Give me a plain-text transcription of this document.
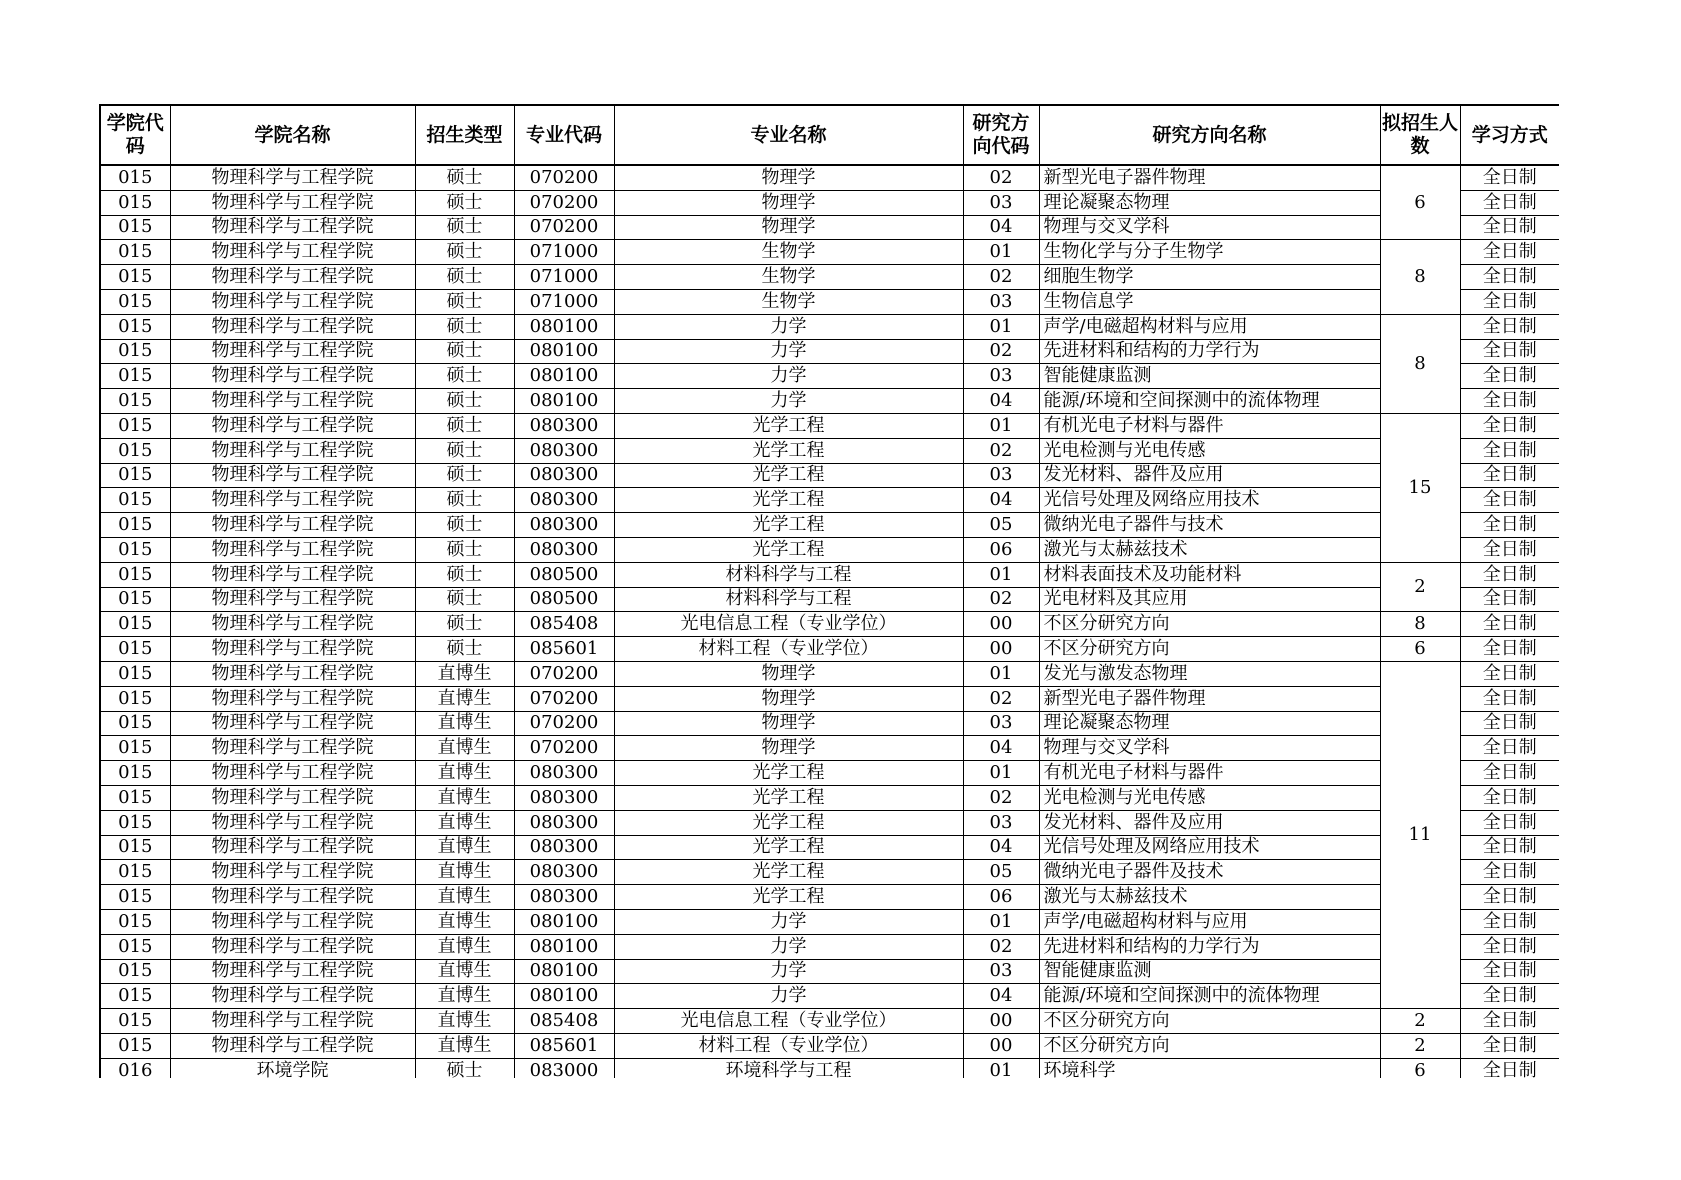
学院代码	学院名称	招生类型	专业代码	专业名称	研究方向代码	研究方向名称	拟招生人数	学习方式
015	物理科学与工程学院	硕士	070200	物理学	02	新型光电子器件物理	6	全日制
015	物理科学与工程学院	硕士	070200	物理学	03	理论凝聚态物理		全日制
015	物理科学与工程学院	硕士	070200	物理学	04	物理与交叉学科		全日制
015	物理科学与工程学院	硕士	071000	生物学	01	生物化学与分子生物学	8	全日制
015	物理科学与工程学院	硕士	071000	生物学	02	细胞生物学		全日制
015	物理科学与工程学院	硕士	071000	生物学	03	生物信息学		全日制
015	物理科学与工程学院	硕士	080100	力学	01	声学/电磁超构材料与应用	8	全日制
015	物理科学与工程学院	硕士	080100	力学	02	先进材料和结构的力学行为		全日制
015	物理科学与工程学院	硕士	080100	力学	03	智能健康监测		全日制
015	物理科学与工程学院	硕士	080100	力学	04	能源/环境和空间探测中的流体物理		全日制
015	物理科学与工程学院	硕士	080300	光学工程	01	有机光电子材料与器件	15	全日制
015	物理科学与工程学院	硕士	080300	光学工程	02	光电检测与光电传感		全日制
015	物理科学与工程学院	硕士	080300	光学工程	03	发光材料、器件及应用		全日制
015	物理科学与工程学院	硕士	080300	光学工程	04	光信号处理及网络应用技术		全日制
015	物理科学与工程学院	硕士	080300	光学工程	05	微纳光电子器件与技术		全日制
015	物理科学与工程学院	硕士	080300	光学工程	06	激光与太赫兹技术		全日制
015	物理科学与工程学院	硕士	080500	材料科学与工程	01	材料表面技术及功能材料	2	全日制
015	物理科学与工程学院	硕士	080500	材料科学与工程	02	光电材料及其应用		全日制
015	物理科学与工程学院	硕士	085408	光电信息工程（专业学位）	00	不区分研究方向	8	全日制
015	物理科学与工程学院	硕士	085601	材料工程（专业学位）	00	不区分研究方向	6	全日制
015	物理科学与工程学院	直博生	070200	物理学	01	发光与激发态物理	11	全日制
015	物理科学与工程学院	直博生	070200	物理学	02	新型光电子器件物理		全日制
015	物理科学与工程学院	直博生	070200	物理学	03	理论凝聚态物理		全日制
015	物理科学与工程学院	直博生	070200	物理学	04	物理与交叉学科		全日制
015	物理科学与工程学院	直博生	080300	光学工程	01	有机光电子材料与器件		全日制
015	物理科学与工程学院	直博生	080300	光学工程	02	光电检测与光电传感		全日制
015	物理科学与工程学院	直博生	080300	光学工程	03	发光材料、器件及应用		全日制
015	物理科学与工程学院	直博生	080300	光学工程	04	光信号处理及网络应用技术		全日制
015	物理科学与工程学院	直博生	080300	光学工程	05	微纳光电子器件及技术		全日制
015	物理科学与工程学院	直博生	080300	光学工程	06	激光与太赫兹技术		全日制
015	物理科学与工程学院	直博生	080100	力学	01	声学/电磁超构材料与应用		全日制
015	物理科学与工程学院	直博生	080100	力学	02	先进材料和结构的力学行为		全日制
015	物理科学与工程学院	直博生	080100	力学	03	智能健康监测		全日制
015	物理科学与工程学院	直博生	080100	力学	04	能源/环境和空间探测中的流体物理		全日制
015	物理科学与工程学院	直博生	085408	光电信息工程（专业学位）	00	不区分研究方向	2	全日制
015	物理科学与工程学院	直博生	085601	材料工程（专业学位）	00	不区分研究方向	2	全日制
016	环境学院	硕士	083000	环境科学与工程	01	环境科学	6	全日制
